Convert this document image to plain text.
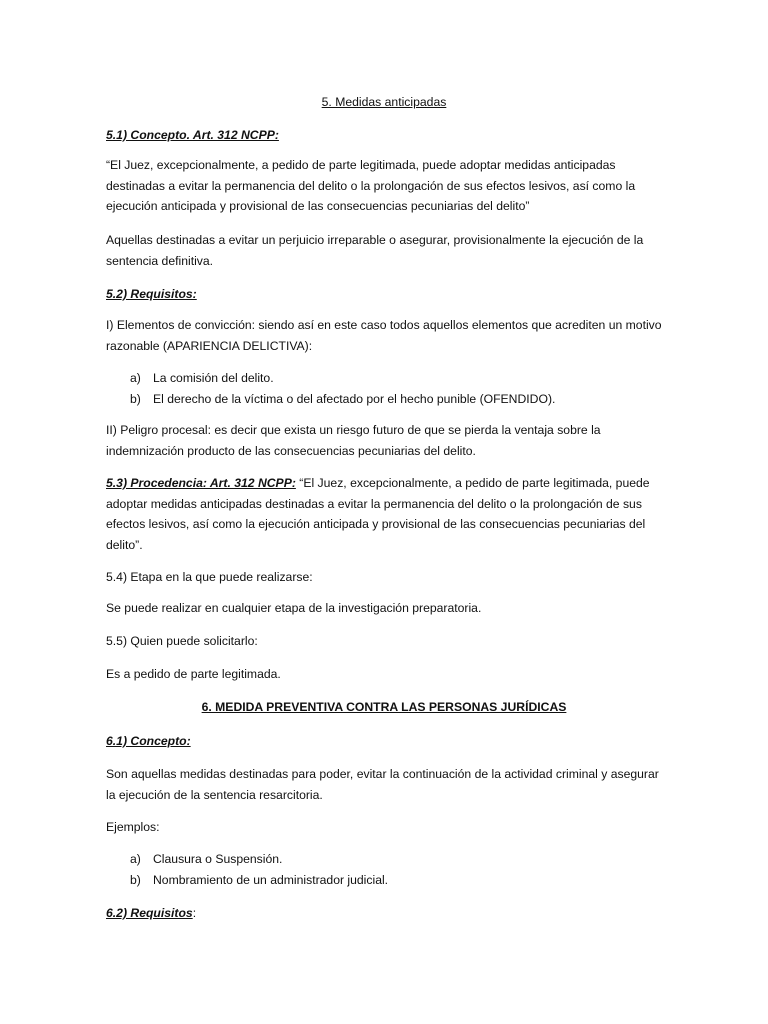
5. Medidas anticipadas

5.1) Concepto. Art. 312 NCPP:

“El Juez, excepcionalmente, a pedido de parte legitimada, puede adoptar medidas anticipadas destinadas a evitar la permanencia del delito o la prolongación de sus efectos lesivos, así como la ejecución anticipada y provisional de las consecuencias pecuniarias del delito”

Aquellas destinadas a evitar un perjuicio irreparable o asegurar, provisionalmente la ejecución de la sentencia definitiva.

5.2) Requisitos:

I) Elementos de convicción: siendo así en este caso todos aquellos elementos que acrediten un motivo razonable (APARIENCIA DELICTIVA):

a) La comisión del delito.
b) El derecho de la víctima o del afectado por el hecho punible (OFENDIDO).

II) Peligro procesal: es decir que exista un riesgo futuro de que se pierda la ventaja sobre la indemnización producto de las consecuencias pecuniarias del delito.

5.3) Procedencia: Art. 312 NCPP: “El Juez, excepcionalmente, a pedido de parte legitimada, puede adoptar medidas anticipadas destinadas a evitar la permanencia del delito o la prolongación de sus efectos lesivos, así como la ejecución anticipada y provisional de las consecuencias pecuniarias del delito”.

5.4) Etapa en la que puede realizarse:

Se puede realizar en cualquier etapa de la investigación preparatoria.

5.5) Quien puede solicitarlo:

Es a pedido de parte legitimada.

6. MEDIDA PREVENTIVA CONTRA LAS PERSONAS JURÍDICAS

6.1) Concepto:

Son aquellas medidas destinadas para poder, evitar la continuación de la actividad criminal y asegurar la ejecución de la sentencia resarcitoria.

Ejemplos:

a) Clausura o Suspensión.
b) Nombramiento de un administrador judicial.

6.2) Requisitos:
